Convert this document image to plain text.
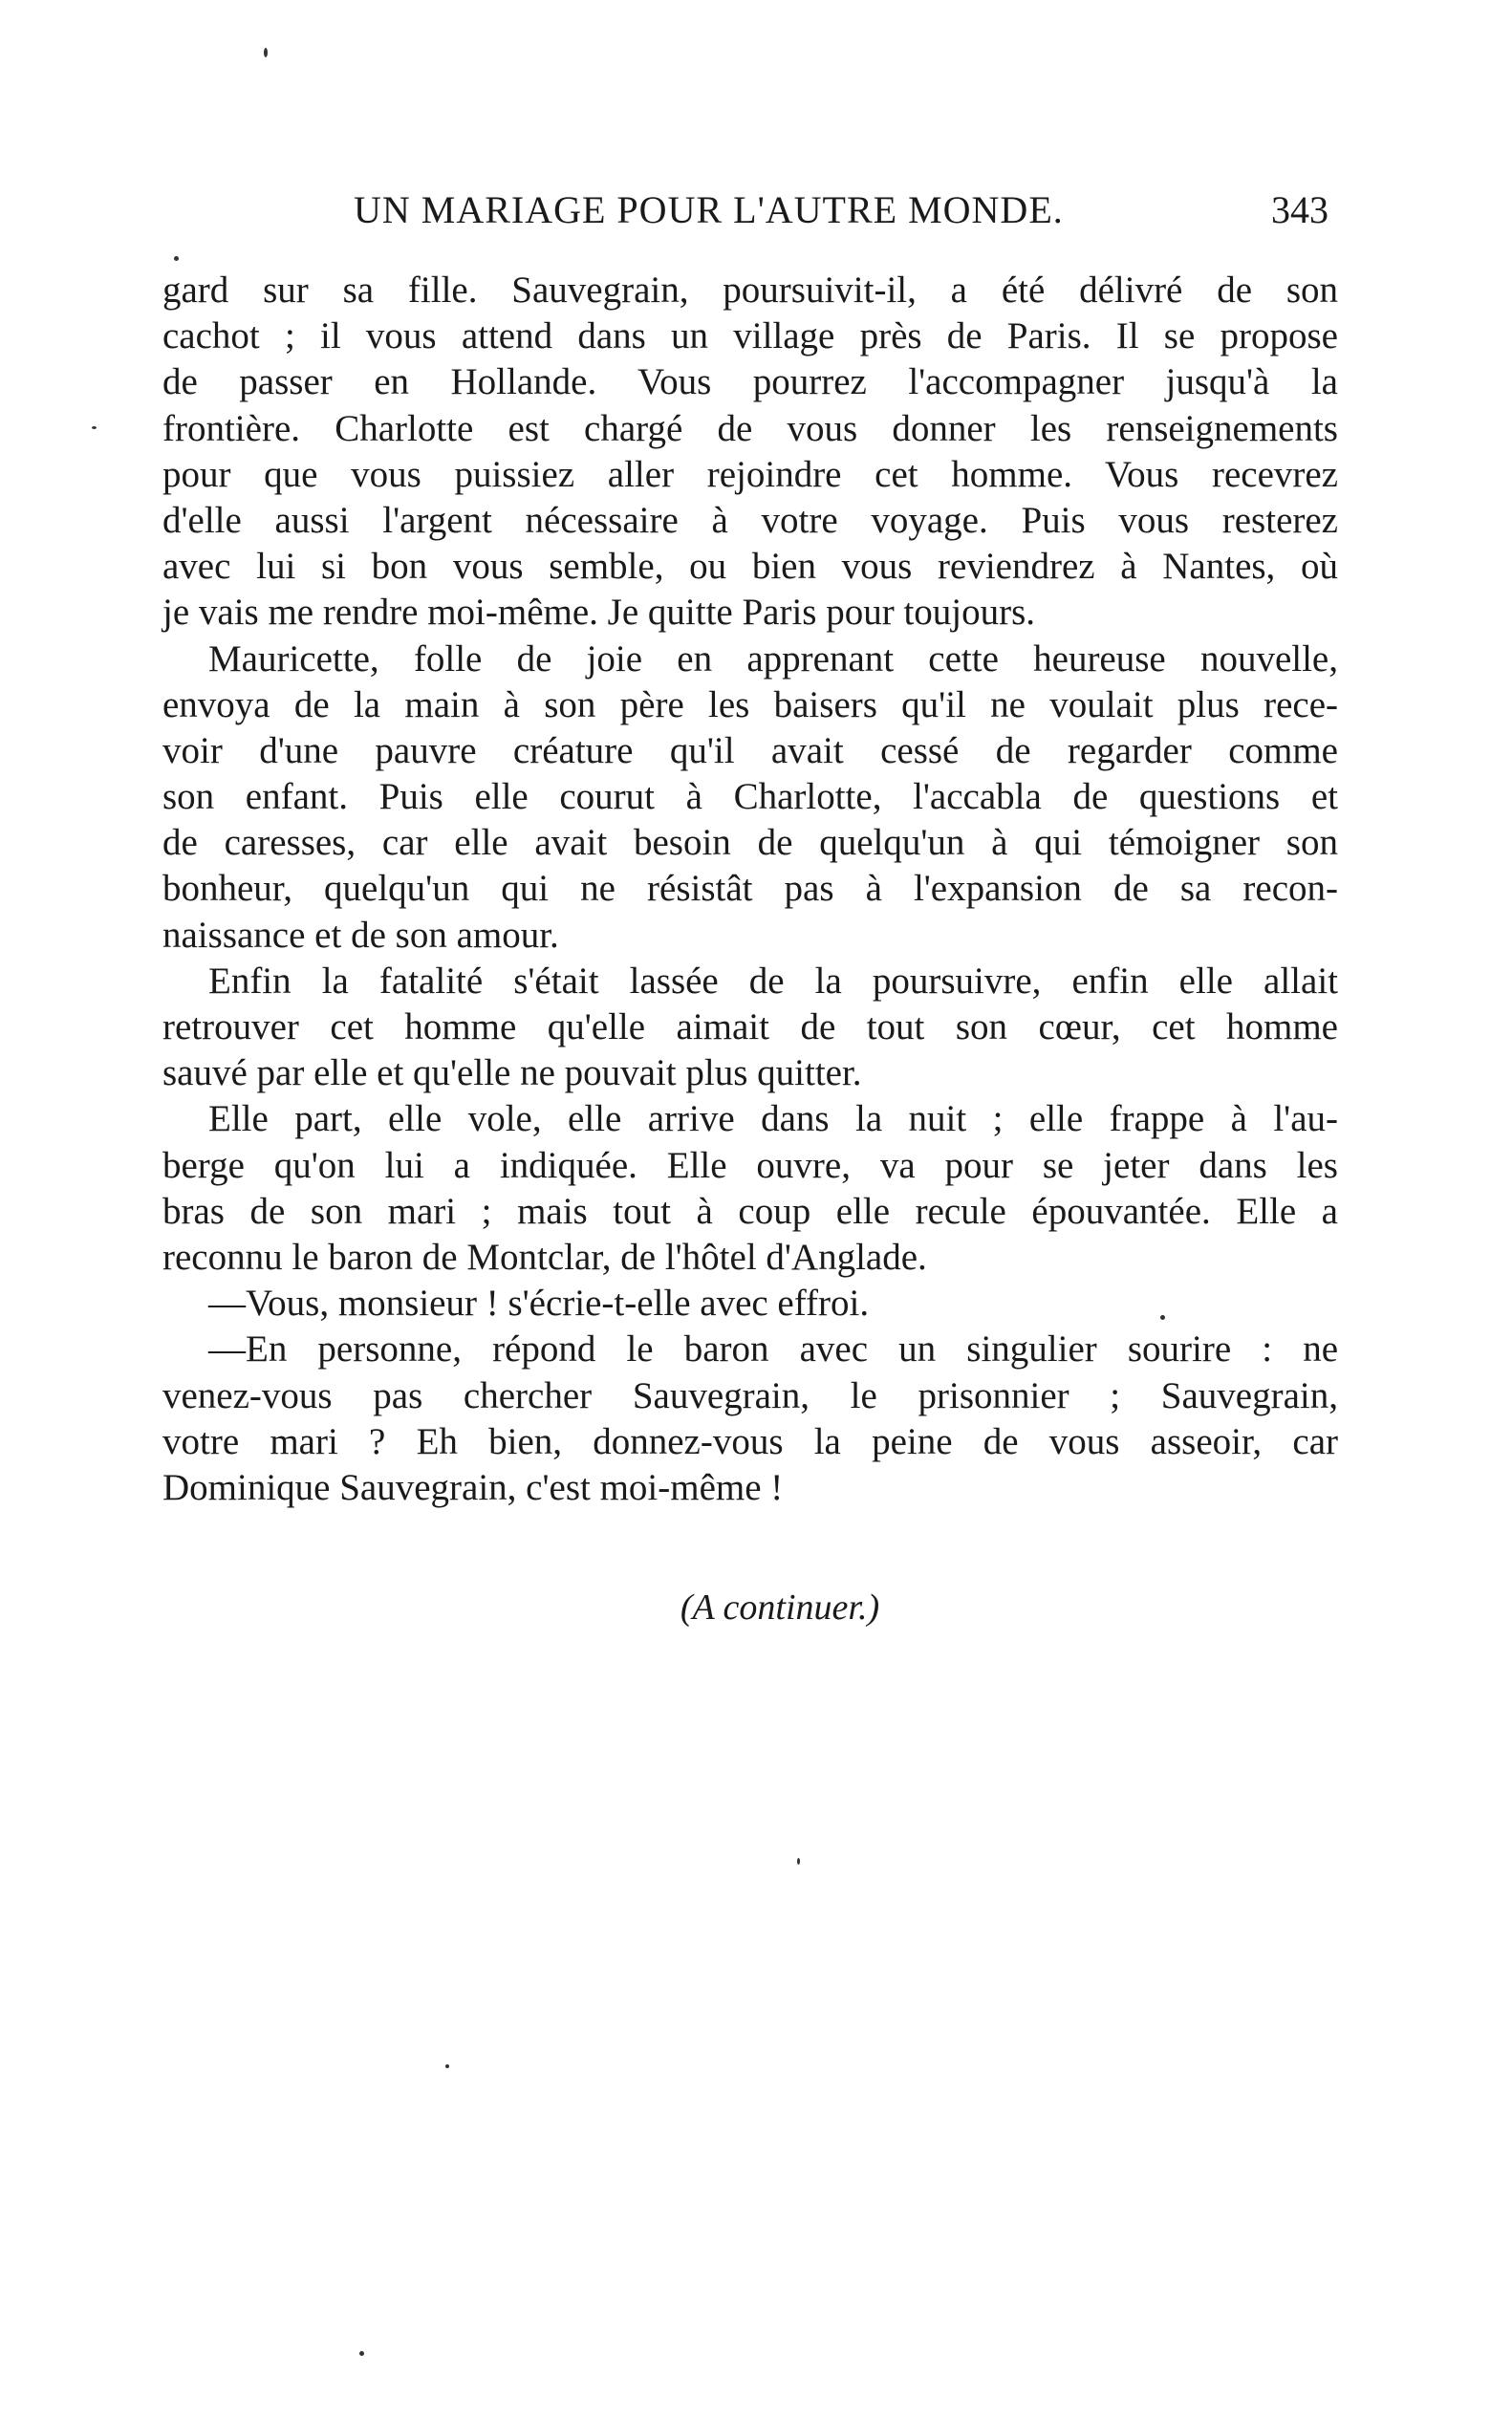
UN MARIAGE POUR L'AUTRE MONDE.	343
gard sur sa fille. Sauvegrain, poursuivit-il, a été délivré de son
cachot ; il vous attend dans un village près de Paris. Il se propose
de passer en Hollande. Vous pourrez l'accompagner jusqu'à la
frontière. Charlotte est chargé de vous donner les renseignements
pour que vous puissiez aller rejoindre cet homme. Vous recevrez
d'elle aussi l'argent nécessaire à votre voyage. Puis vous resterez
avec lui si bon vous semble, ou bien vous reviendrez à Nantes, où
je vais me rendre moi-même. Je quitte Paris pour toujours.
Mauricette, folle de joie en apprenant cette heureuse nouvelle,
envoya de la main à son père les baisers qu'il ne voulait plus rece-
voir d'une pauvre créature qu'il avait cessé de regarder comme
son enfant. Puis elle courut à Charlotte, l'accabla de questions et
de caresses, car elle avait besoin de quelqu'un à qui témoigner son
bonheur, quelqu'un qui ne résistât pas à l'expansion de sa recon-
naissance et de son amour.
Enfin la fatalité s'était lassée de la poursuivre, enfin elle allait
retrouver cet homme qu'elle aimait de tout son cœur, cet homme
sauvé par elle et qu'elle ne pouvait plus quitter.
Elle part, elle vole, elle arrive dans la nuit ; elle frappe à l'au-
berge qu'on lui a indiquée. Elle ouvre, va pour se jeter dans les
bras de son mari ; mais tout à coup elle recule épouvantée. Elle a
reconnu le baron de Montclar, de l'hôtel d'Anglade.
—Vous, monsieur ! s'écrie-t-elle avec effroi.
—En personne, répond le baron avec un singulier sourire : ne
venez-vous pas chercher Sauvegrain, le prisonnier ; Sauvegrain,
votre mari ? Eh bien, donnez-vous la peine de vous asseoir, car
Dominique Sauvegrain, c'est moi-même !
(A continuer.)
